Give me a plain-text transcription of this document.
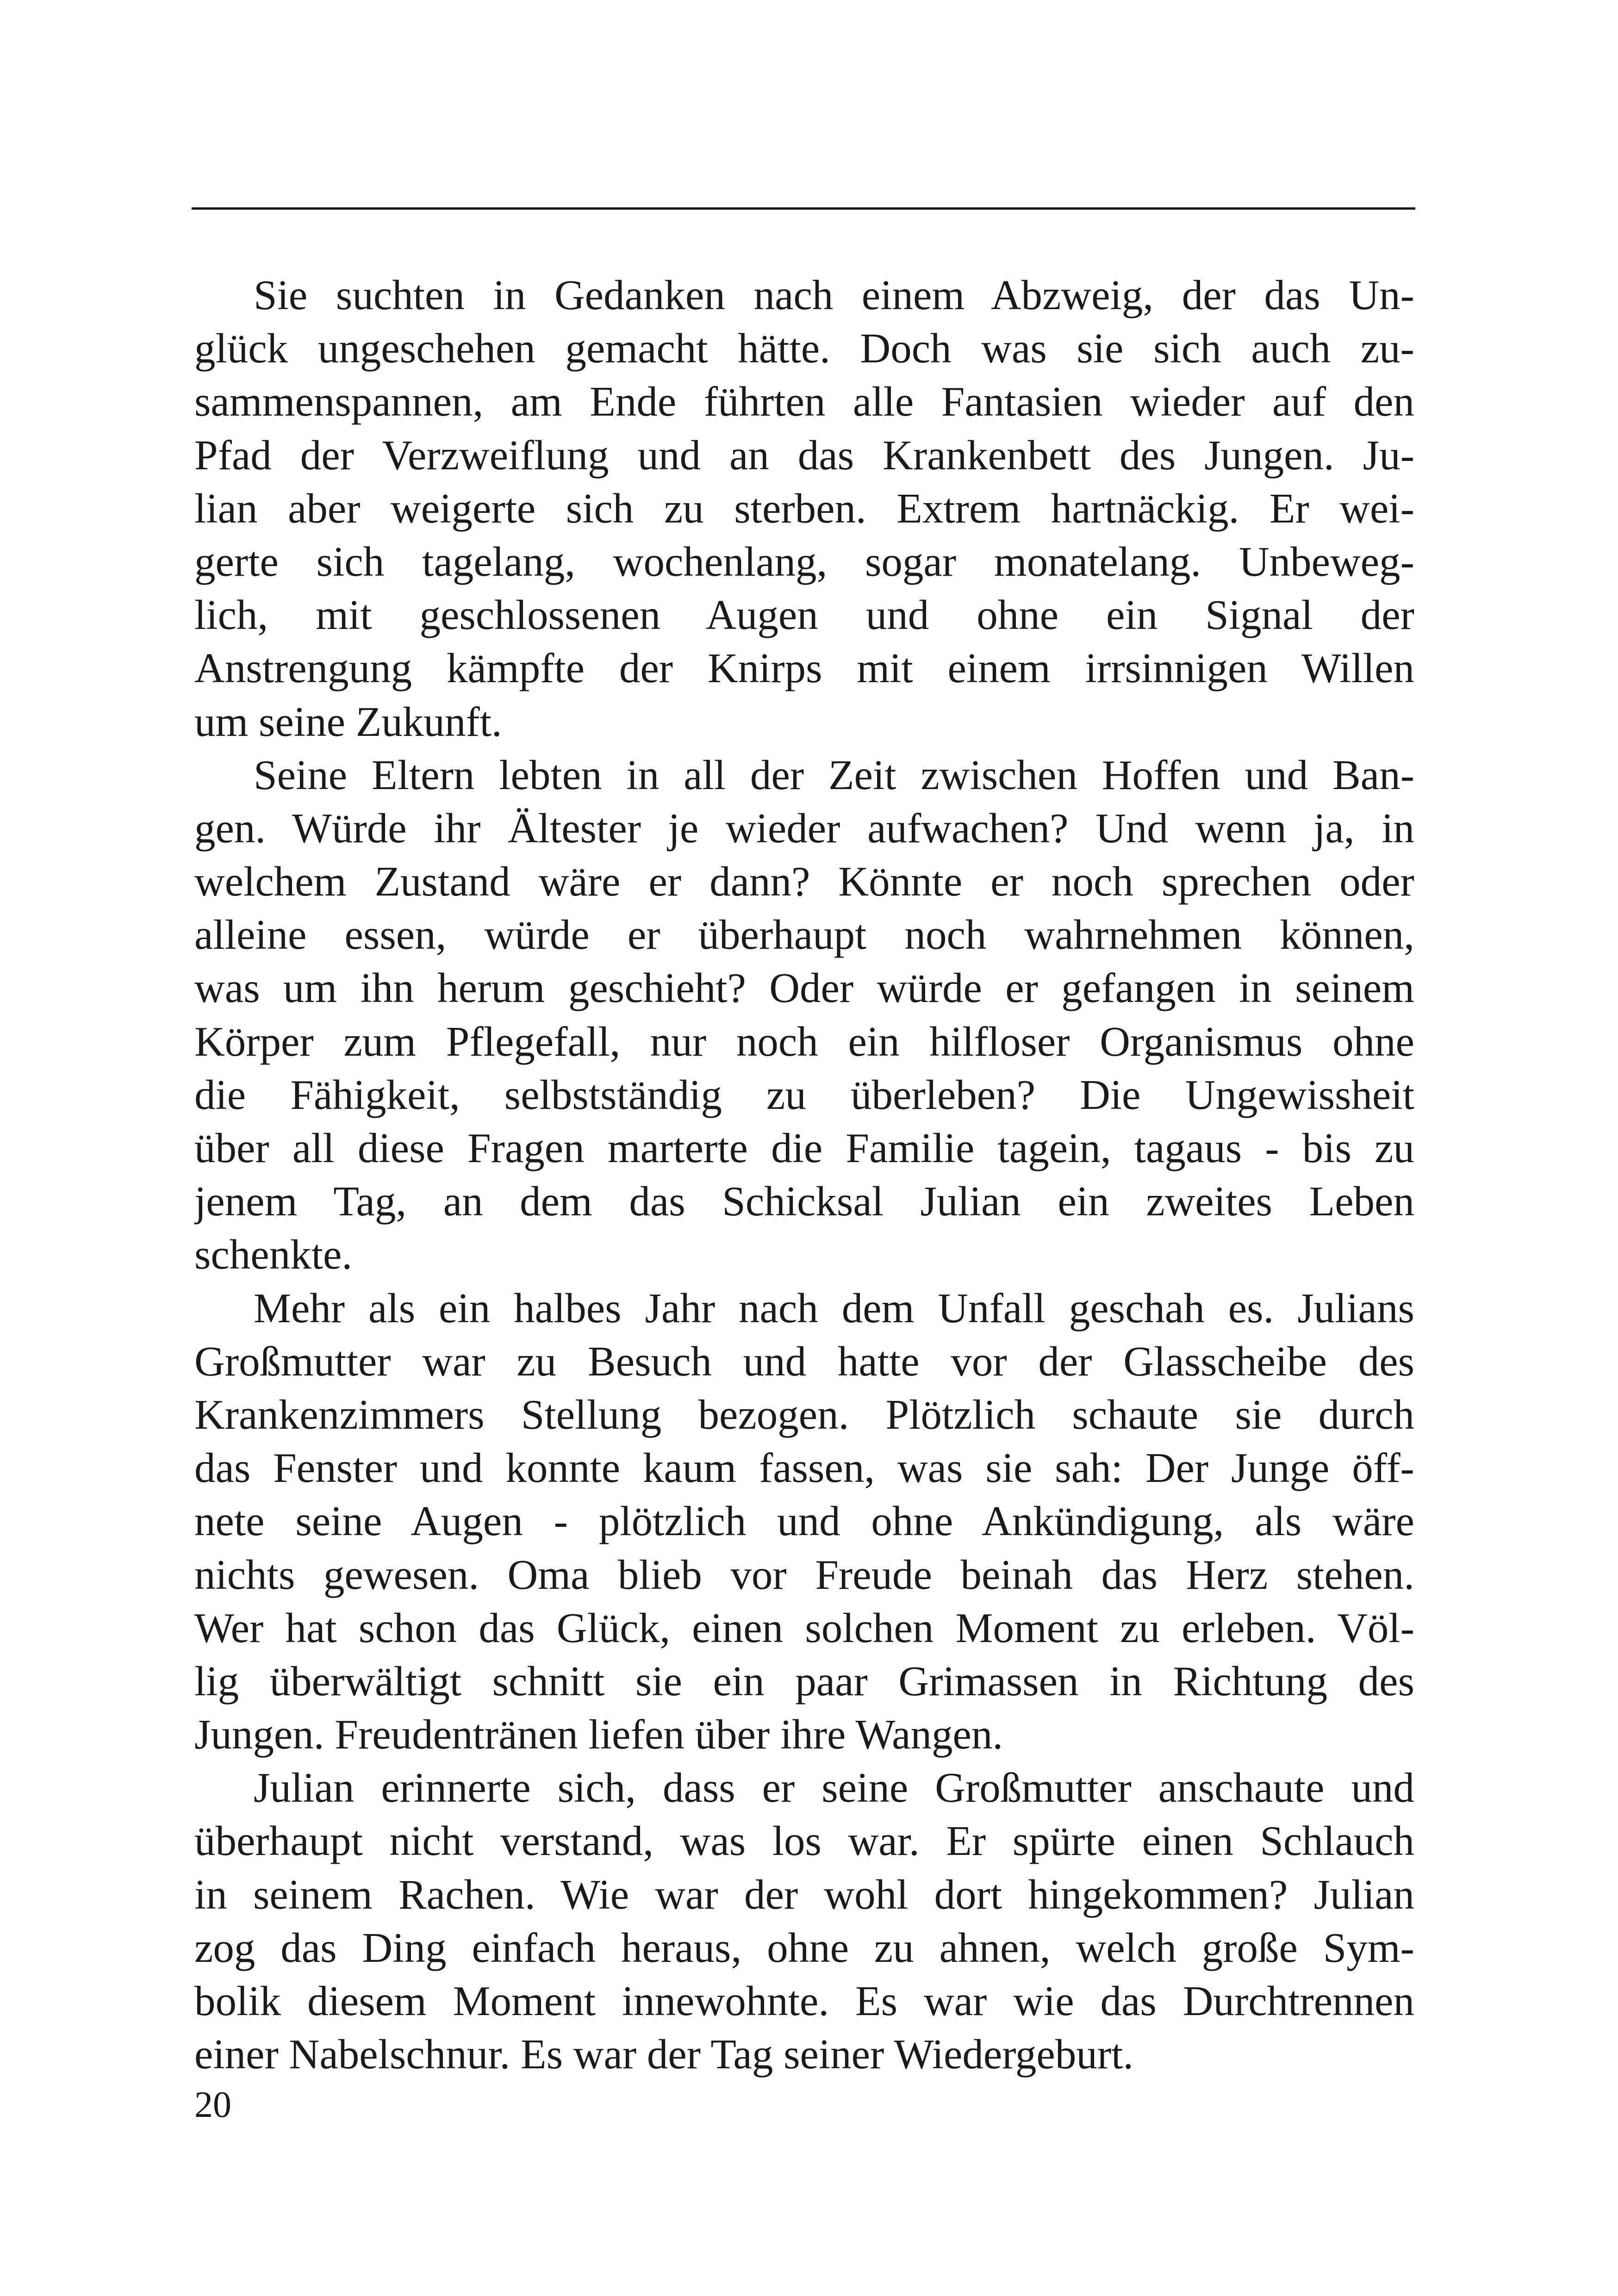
Sie suchten in Gedanken nach einem Abzweig, der das Un-
glück ungeschehen gemacht hätte. Doch was sie sich auch zu-
sammenspannen, am Ende führten alle Fantasien wieder auf den
Pfad der Verzweiflung und an das Krankenbett des Jungen. Ju-
lian aber weigerte sich zu sterben. Extrem hartnäckig. Er wei-
gerte sich tagelang, wochenlang, sogar monatelang. Unbeweg-
lich, mit geschlossenen Augen und ohne ein Signal der
Anstrengung kämpfte der Knirps mit einem irrsinnigen Willen
um seine Zukunft.
Seine Eltern lebten in all der Zeit zwischen Hoffen und Ban-
gen. Würde ihr Ältester je wieder aufwachen? Und wenn ja, in
welchem Zustand wäre er dann? Könnte er noch sprechen oder
alleine essen, würde er überhaupt noch wahrnehmen können,
was um ihn herum geschieht? Oder würde er gefangen in seinem
Körper zum Pflegefall, nur noch ein hilfloser Organismus ohne
die Fähigkeit, selbstständig zu überleben? Die Ungewissheit
über all diese Fragen marterte die Familie tagein, tagaus - bis zu
jenem Tag, an dem das Schicksal Julian ein zweites Leben
schenkte.
Mehr als ein halbes Jahr nach dem Unfall geschah es. Julians
Großmutter war zu Besuch und hatte vor der Glasscheibe des
Krankenzimmers Stellung bezogen. Plötzlich schaute sie durch
das Fenster und konnte kaum fassen, was sie sah: Der Junge öff-
nete seine Augen - plötzlich und ohne Ankündigung, als wäre
nichts gewesen. Oma blieb vor Freude beinah das Herz stehen.
Wer hat schon das Glück, einen solchen Moment zu erleben. Völ-
lig überwältigt schnitt sie ein paar Grimassen in Richtung des
Jungen. Freudentränen liefen über ihre Wangen.
Julian erinnerte sich, dass er seine Großmutter anschaute und
überhaupt nicht verstand, was los war. Er spürte einen Schlauch
in seinem Rachen. Wie war der wohl dort hingekommen? Julian
zog das Ding einfach heraus, ohne zu ahnen, welch große Sym-
bolik diesem Moment innewohnte. Es war wie das Durchtrennen
einer Nabelschnur. Es war der Tag seiner Wiedergeburt.
20
